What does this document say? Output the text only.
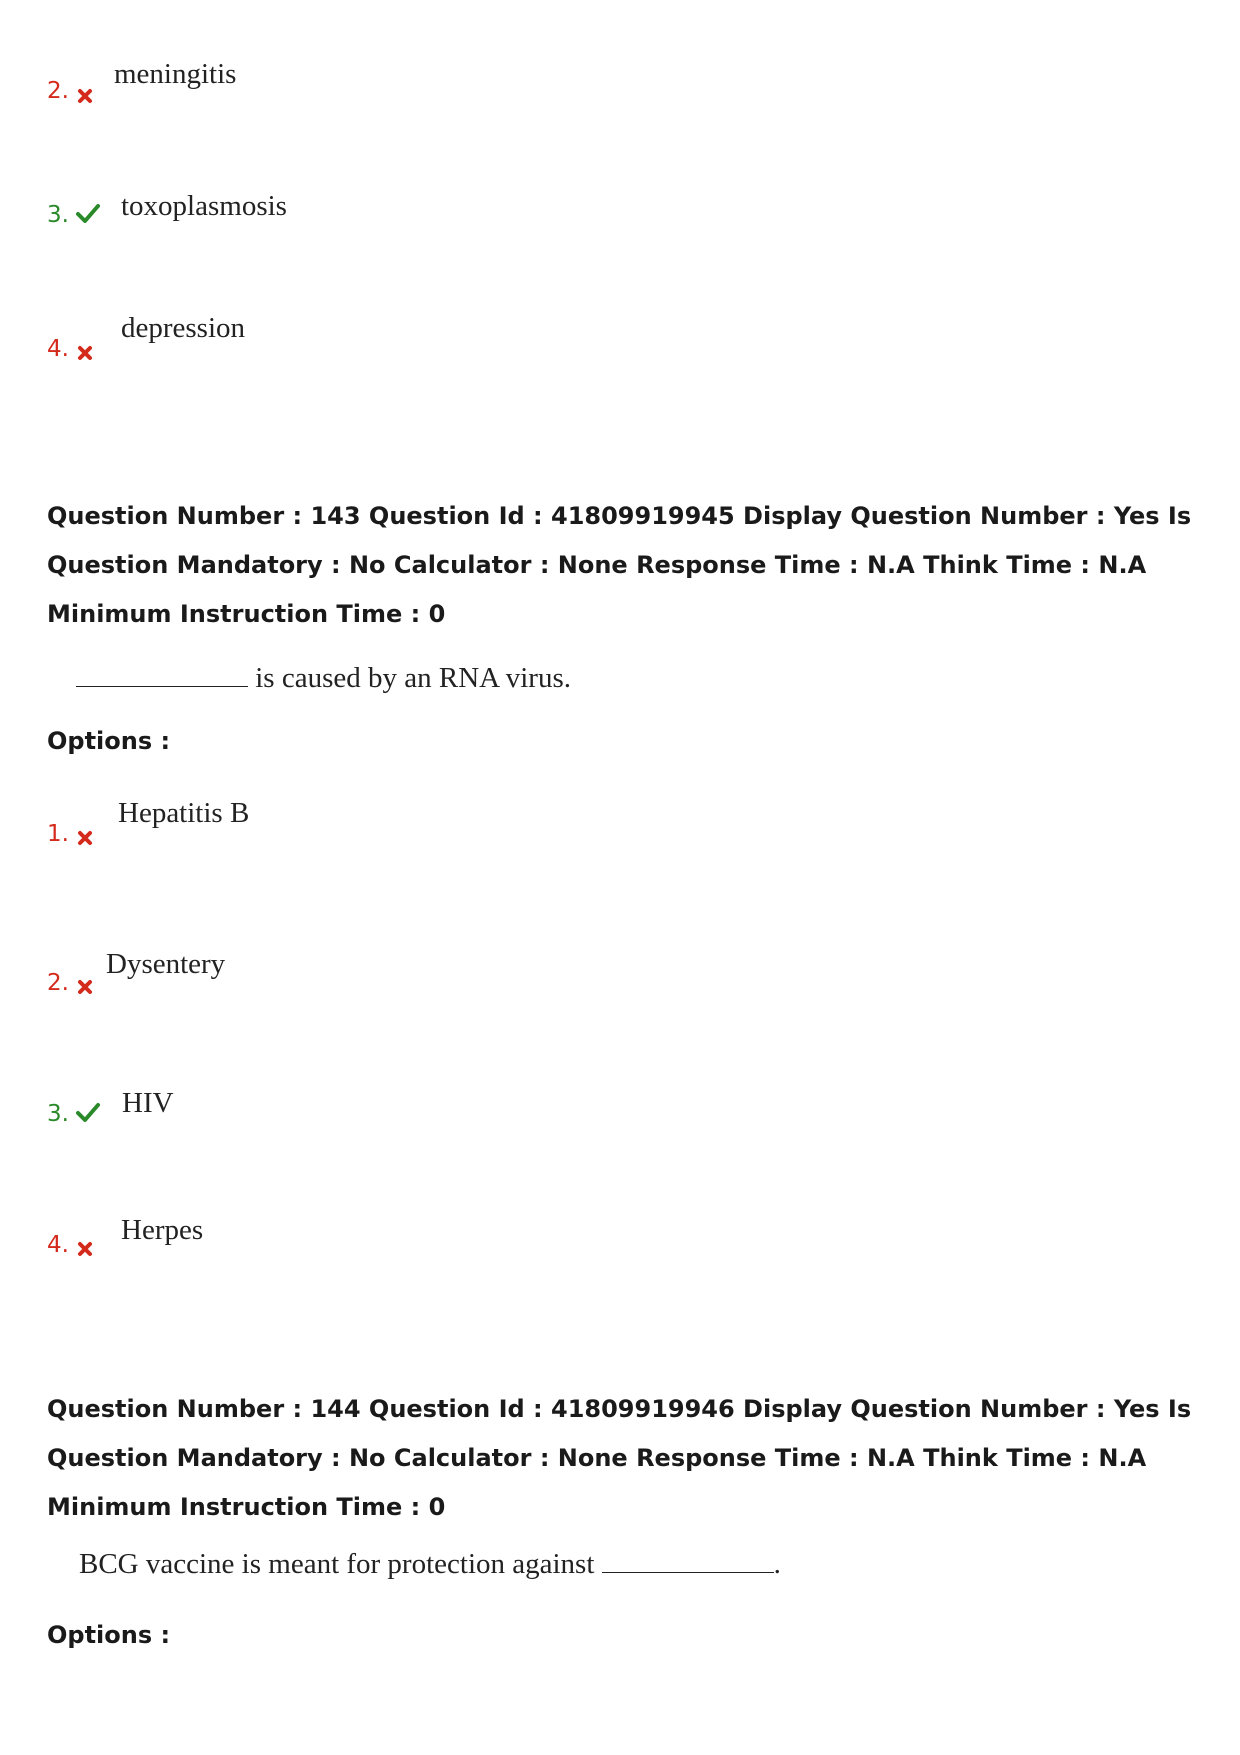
2.
meningitis
3. toxoplasmosis
4.
depression
Question Number : 143 Question Id : 41809919945 Display Question Number : Yes Is Question Mandatory : No Calculator : None Response Time : N.A Think Time : N.A Minimum Instruction Time : 0
is caused by an RNA virus.
Options :
1.
Hepatitis B
2.
Dysentery
3. HIV
4. Herpes
Question Number : 144 Question Id : 41809919946 Display Question Number : Yes Is Question Mandatory : No Calculator : None Response Time : N.A Think Time : N.A Minimum Instruction Time : 0
BCG vaccine is meant for protection against	.
Options :
